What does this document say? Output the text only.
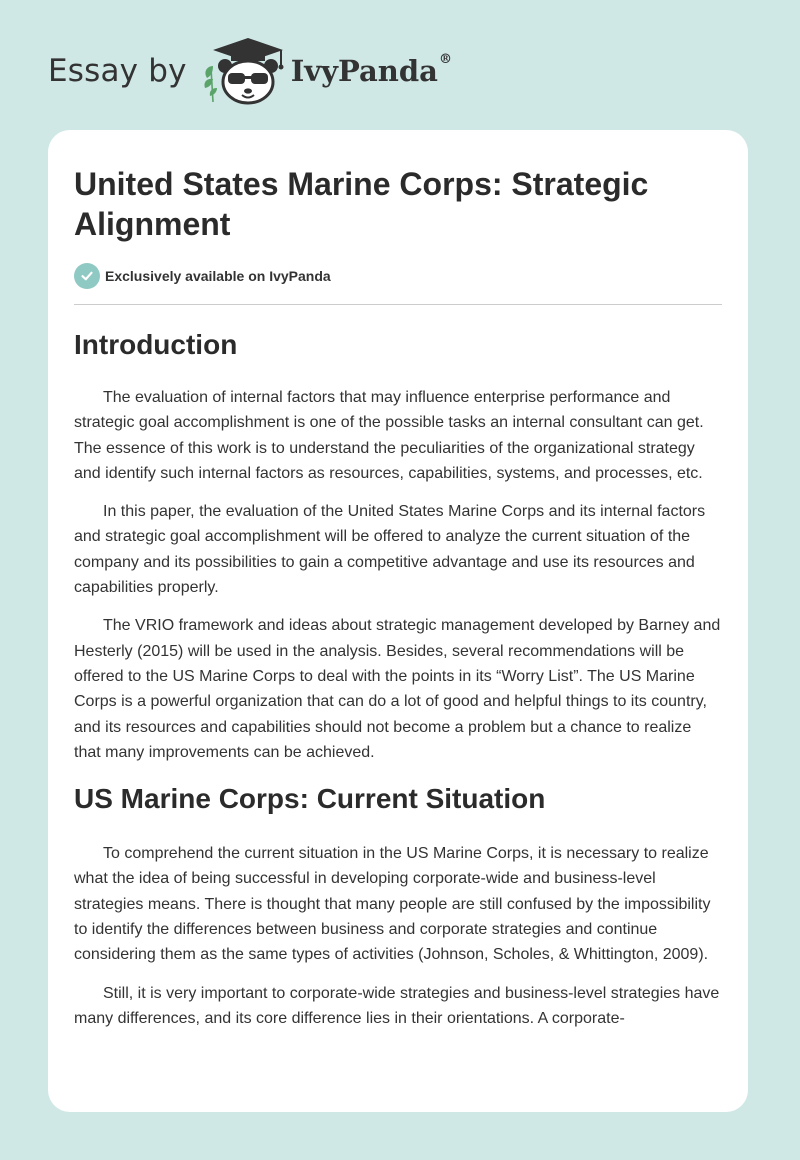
Essay by	IvyPanda®
United States Marine Corps: Strategic Alignment
Exclusively available on IvyPanda
Introduction

The evaluation of internal factors that may influence enterprise performance and strategic goal accomplishment is one of the possible tasks an internal consultant can get. The essence of this work is to understand the peculiarities of the organizational strategy and identify such internal factors as resources, capabilities, systems, and processes, etc.

In this paper, the evaluation of the United States Marine Corps and its internal factors and strategic goal accomplishment will be offered to analyze the current situation of the company and its possibilities to gain a competitive advantage and use its resources and capabilities properly.

The VRIO framework and ideas about strategic management developed by Barney and Hesterly (2015) will be used in the analysis. Besides, several recommendations will be offered to the US Marine Corps to deal with the points in its “Worry List”. The US Marine Corps is a powerful organization that can do a lot of good and helpful things to its country, and its resources and capabilities should not become a problem but a chance to realize that many improvements can be achieved.

US Marine Corps: Current Situation

To comprehend the current situation in the US Marine Corps, it is necessary to realize what the idea of being successful in developing corporate-wide and business-level strategies means. There is thought that many people are still confused by the impossibility to identify the differences between business and corporate strategies and continue considering them as the same types of activities (Johnson, Scholes, & Whittington, 2009).

Still, it is very important to corporate-wide strategies and business-level strategies have many differences, and its core difference lies in their orientations. A corporate-
